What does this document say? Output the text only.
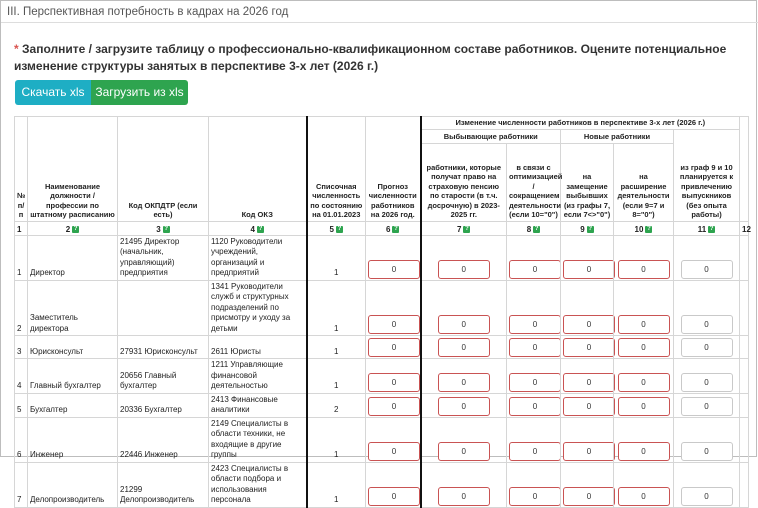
III. Перспективная потребность в кадрах на 2026 год
* Заполните / загрузите таблицу о профессионально-квалификационном составе работников. Оцените потенциальное изменение структуры занятых в перспективе 3-х лет (2026 г.)
Скачать xls Загрузить из xls
№ п/п	Наименование должности / профессии по штатному расписанию	Код ОКПДТР (если есть)	Код ОКЗ	Списочная численность по состоянию на 01.01.2023	Прогноз численности работников на 2026 год.	Изменение численности работников в перспективе 3-х лет (2026 г.)					
						Выбывающие работники		Новые работники		из граф 9 и 10 планируется к привлечению выпускников (без опыта работы)	
						работники, которые получат право на страховую пенсию по старости (в т.ч. досрочную) в 2023-2025 гг.	в связи с оптимизацией / сокращением деятельности (если 10="0")	на замещение выбывших (из графы 7, если 7<>"0")	на расширение деятельности (если 9=7 и 8="0")		
1	2 ?	3 ?	4 ?	5 ?	6 ?	7 ?	8 ?	9 ?	10 ?	11 ?	12
1	Директор	21495 Директор (начальник, управляющий) предприятия	1120 Руководители учреждений, организаций и предприятий	1	0	0	0	0	0	0	

2	Заместитель директора		1341 Руководители служб и структурных подразделений по присмотру и уходу за детьми	1	0	0	0	0	0	0	

3	Юрисконсульт	27931 Юрисконсульт	2611 Юристы	1	0	0	0	0	0	0	

4	Главный бухгалтер	20656 Главный бухгалтер	1211 Управляющие финансовой деятельностью	1	0	0	0	0	0	0	

5	Бухгалтер	20336 Бухгалтер	2413 Финансовые аналитики	2	0	0	0	0	0	0	

6	Инженер	22446 Инженер	2149 Специалисты в области техники, не входящие в другие группы	1	0	0	0	0	0	0	

7	Делопроизводитель	21299 Делопроизводитель	2423 Специалисты в области подбора и использования персонала	1	0	0	0	0	0	0	
